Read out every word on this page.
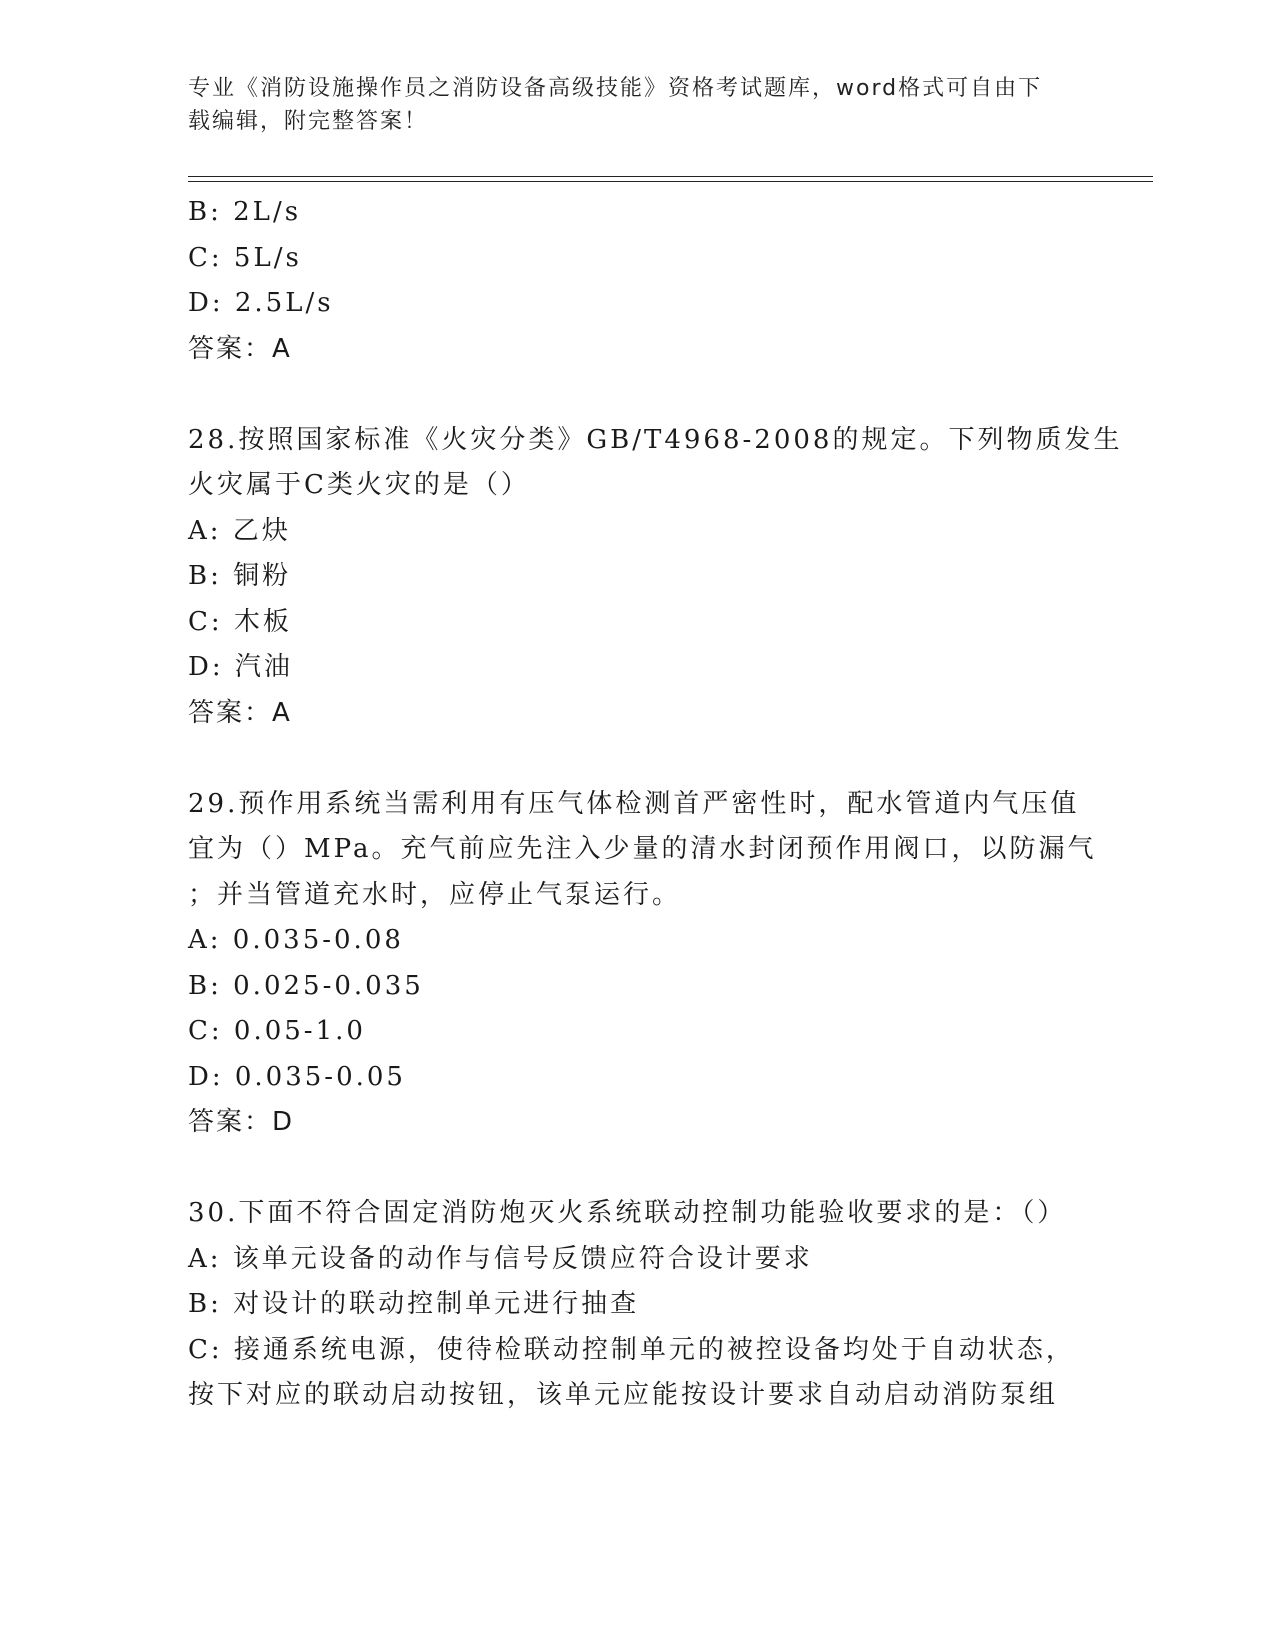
专业《消防设施操作员之消防设备高级技能》资格考试题库，word格式可自由下
载编辑，附完整答案！
B: 2L/s
C: 5L/s
D: 2.5L/s
答案：A
28.按照国家标准《火灾分类》GB/T4968-2008的规定。下列物质发生
火灾属于C类火灾的是（）
A: 乙炔
B: 铜粉
C: 木板
D: 汽油
答案：A
29.预作用系统当需利用有压气体检测首严密性时，配水管道内气压值
宜为（）MPa。充气前应先注入少量的清水封闭预作用阀口，以防漏气
；并当管道充水时，应停止气泵运行。
A: 0.035-0.08
B: 0.025-0.035
C: 0.05-1.0
D: 0.035-0.05
答案：D
30.下面不符合固定消防炮灭火系统联动控制功能验收要求的是：（）
A: 该单元设备的动作与信号反馈应符合设计要求
B: 对设计的联动控制单元进行抽查
C: 接通系统电源，使待检联动控制单元的被控设备均处于自动状态，
按下对应的联动启动按钮，该单元应能按设计要求自动启动消防泵组
